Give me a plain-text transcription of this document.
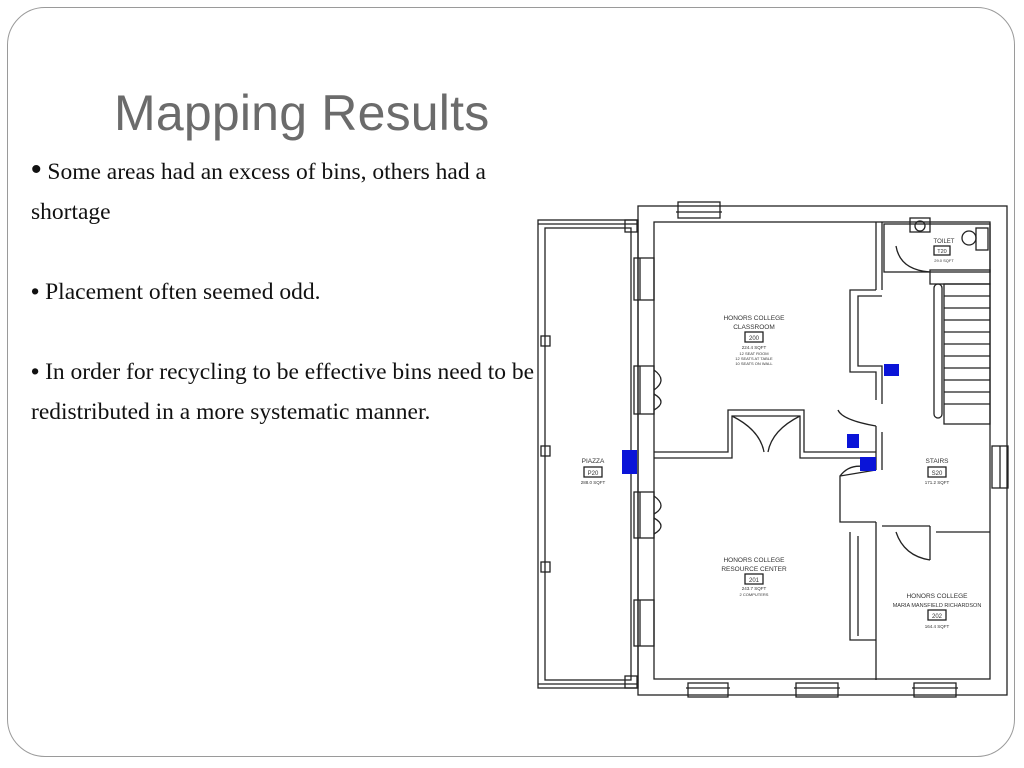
Mapping Results

• Some areas had an excess of bins, others had a shortage

• Placement often seemed odd.

• In order for recycling to be effective bins need to be redistributed in a more systematic manner.

HONORS COLLEGE
CLASSROOM
200
224.4 SQFT
12 SEAT ROOM
12 SEATS AT TABLE
10 SEATS ON WALL
HONORS COLLEGE
RESOURCE CENTER
201
243.7 SQFT
2 COMPUTERS	HONORS COLLEGE
MARIA MANSFIELD RICHARDSON
202
164.4 SQFT
PIAZZA
P20
288.0 SQFT
STAIRS
S20
171.2 SQFT
TOILET
T20
29.0 SQFT
